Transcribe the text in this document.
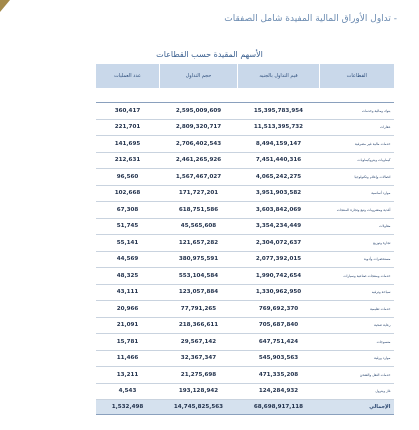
- تداول الأوراق المالية المفيدة شامل الصفقات
الأسهم المقيدة حسب القطاعات
عدد العمليات	حجم التداول	قيم التداول بالجنيه	القطاعات

360,417	2,595,009,609	15,395,783,954	بنوك ومالية وخدمات
221,701	2,809,320,717	11,513,395,732	عقارات
141,695	2,706,402,543	8,494,159,147	خدمات مالية غير مصرفية
212,631	2,461,265,926	7,451,440,316	كيماويات وبتروكيماويات
96,560	1,567,467,027	4,065,242,275	اتصالات وإعلام وتكنولوجيا
102,668	171,727,201	3,951,903,582	موارد أساسية
67,308	618,751,586	3,603,842,069	أغذية ومشروبات وتبغ وتجارة المنتجات
51,745	45,565,608	3,354,234,449	مقاولات
55,141	121,657,282	2,304,072,637	تجارة وتوزيع
44,569	380,975,591	2,077,392,015	مستحضرات وأدوية
48,325	553,104,584	1,990,742,654	خدمات ومنتجات صناعية وسيارات
43,111	123,057,884	1,330,962,950	سياحة وترفيه
20,966	77,791,265	769,692,370	خدمات تعليمية
21,091	218,366,611	705,687,840	رعاية صحية
15,781	29,567,142	647,751,424	منسوجات
11,466	32,367,347	545,903,563	موارد ورقية
13,211	21,275,698	471,335,208	خدمات النقل والشحن
4,543	193,128,942	124,284,932	غاز وبترول
1,532,498	14,745,825,563	68,698,917,118	الإجمالي
